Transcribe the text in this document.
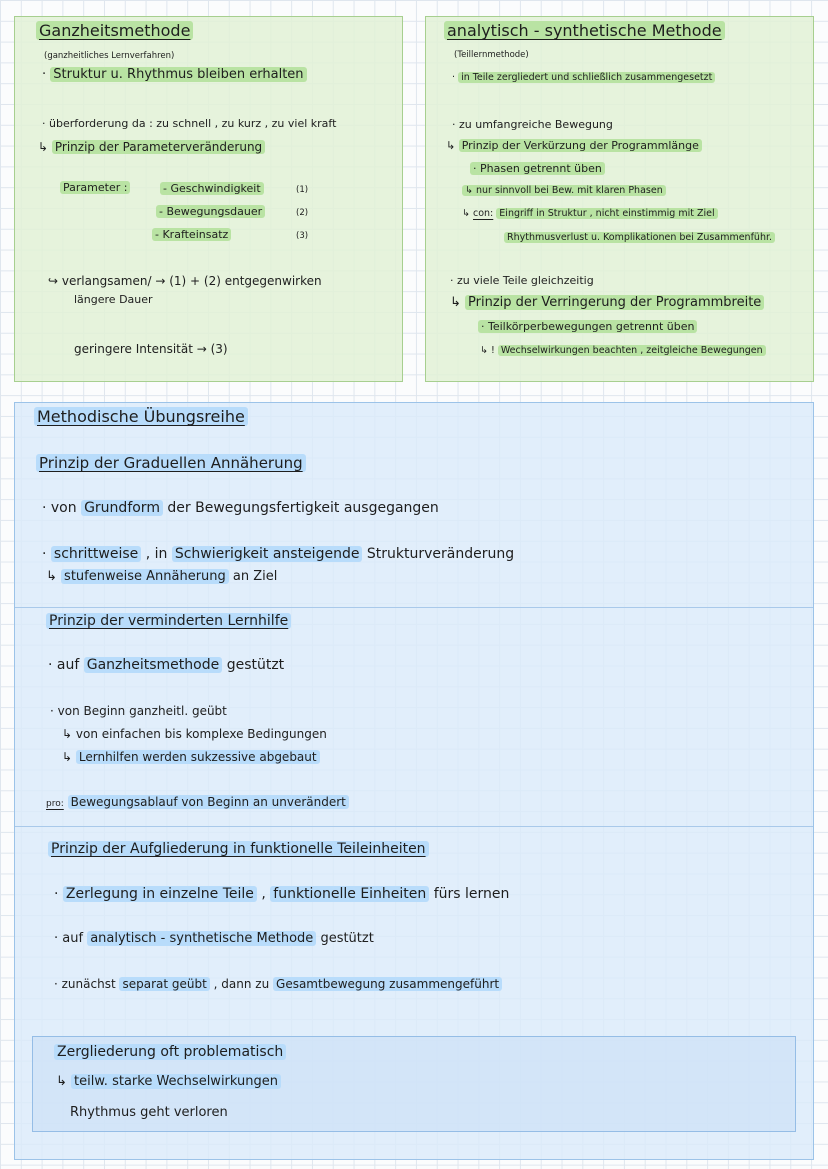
Ganzheitsmethode
(ganzheitliches Lernverfahren)
· Struktur u. Rhythmus bleiben erhalten
· überforderung da : zu schnell , zu kurz , zu viel kraft
↳ Prinzip der Parameterveränderung
Parameter :	- Geschwindigkeit	(1)
- Bewegungsdauer	(2)
- Krafteinsatz	(3)
↪ verlangsamen/ → (1) + (2) entgegenwirken
längere Dauer
geringere Intensität → (3)
analytisch - synthetische Methode
(Teillernmethode)
· in Teile zergliedert und schließlich zusammengesetzt
· zu umfangreiche Bewegung
↳ Prinzip der Verkürzung der Programmlänge
· Phasen getrennt üben
↳ nur sinnvoll bei Bew. mit klaren Phasen
↳ con: Eingriff in Struktur , nicht einstimmig mit Ziel
Rhythmusverlust u. Komplikationen bei Zusammenführ.
· zu viele Teile gleichzeitig
↳ Prinzip der Verringerung der Programmbreite
· Teilkörperbewegungen getrennt üben
↳ ! Wechselwirkungen beachten , zeitgleiche Bewegungen
Methodische Übungsreihe
Prinzip der Graduellen Annäherung
· von Grundform der Bewegungsfertigkeit ausgegangen
· schrittweise , in Schwierigkeit ansteigende Strukturveränderung
↳ stufenweise Annäherung an Ziel
Prinzip der verminderten Lernhilfe
· auf Ganzheitsmethode gestützt
· von Beginn ganzheitl. geübt
↳ von einfachen bis komplexe Bedingungen
↳ Lernhilfen werden sukzessive abgebaut
pro: Bewegungsablauf von Beginn an unverändert
Prinzip der Aufgliederung in funktionelle Teileinheiten
· Zerlegung in einzelne Teile , funktionelle Einheiten fürs lernen
· auf analytisch - synthetische Methode gestützt
· zunächst separat geübt , dann zu Gesamtbewegung zusammengeführt
Zergliederung oft problematisch
↳ teilw. starke Wechselwirkungen
Rhythmus geht verloren
